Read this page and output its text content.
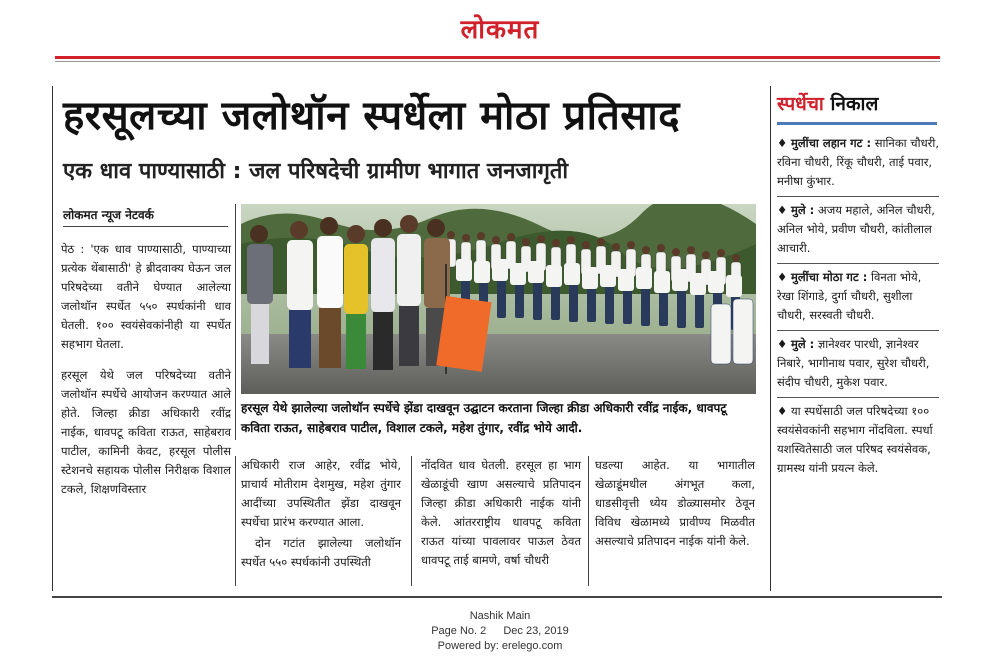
लोकमत
हरसूलच्या जलोथॉन स्पर्धेला मोठा प्रतिसाद
एक धाव पाण्यासाठी : जल परिषदेची ग्रामीण भागात जनजागृती
लोकमत न्यूज नेटवर्क

पेठ : 'एक धाव पाण्यासाठी, पाण्याच्या प्रत्येक थेंबासाठी' हे ब्रीदवाक्य घेऊन जल परिषदेच्या वतीने घेण्यात आलेल्या जलोथॉन स्पर्धेत ५५० स्पर्धकांनी धाव घेतली. १०० स्वयंसेवकांनीही या स्पर्धेत सहभाग घेतला.

हरसूल येथे जल परिषदेच्या वतीने जलोथॉन स्पर्धेचे आयोजन करण्यात आले होते. जिल्हा क्रीडा अधिकारी रवींद्र नाईक, धावपटू कविता राऊत, साहेबराव पाटील, कामिनी केवट, हरसूल पोलीस स्टेशनचे सहायक पोलीस निरीक्षक विशाल टकले, शिक्षणविस्तार

हरसूल येथे झालेल्या जलोथॉन स्पर्धेचे झेंडा दाखवून उद्घाटन करताना जिल्हा क्रीडा अधिकारी रवींद्र नाईक, धावपटू कविता राऊत, साहेबराव पाटील, विशाल टकले, महेश तुंगार, रवींद्र भोये आदी.

अधिकारी राज आहेर, रवींद्र भोये, प्राचार्य मोतीराम देशमुख, महेश तुंगार आदींच्या उपस्थितीत झेंडा दाखवून स्पर्धेचा प्रारंभ करण्यात आला.

दोन गटांत झालेल्या जलोथॉन स्पर्धेत ५५० स्पर्धकांनी उपस्थिती

नोंदवित धाव घेतली. हरसूल हा भाग खेळाडूंची खाण असल्याचे प्रतिपादन जिल्हा क्रीडा अधिकारी नाईक यांनी केले. आंतरराष्ट्रीय धावपटू कविता राऊत यांच्या पावलावर पाऊल ठेवत धावपटू ताई बामणे, वर्षा चौधरी

घडल्या आहेत. या भागातील खेळाडूंमधील अंगभूत कला, धाडसीवृत्ती ध्येय डोळ्यासमोर ठेवून विविध खेळामध्ये प्रावीण्य मिळवीत असल्याचे प्रतिपादन नाईक यांनी केले.

स्पर्धेचा निकाल
♦ मुलींचा लहान गट : सानिका चौधरी, रविना चौधरी, रिंकू चौधरी, ताई पवार, मनीषा कुंभार.
♦ मुले : अजय महाले, अनिल चौधरी, अनिल भोये, प्रवीण चौधरी, कांतीलाल आचारी.
♦ मुलींचा मोठा गट : विनता भोये, रेखा शिंगाडे, दुर्गा चौधरी, सुशीला चौधरी, सरस्वती चौधरी.
♦ मुले : ज्ञानेश्वर पारधी, ज्ञानेश्वर निबारे, भागीनाथ पवार, सुरेश चौधरी, संदीप चौधरी, मुकेश पवार.
♦ या स्पर्धेसाठी जल परिषदेच्या १०० स्वयंसेवकांनी सहभाग नोंदविला. स्पर्धा यशस्वितेसाठी जल परिषद स्वयंसेवक, ग्रामस्थ यांनी प्रयत्न केले.
Nashik Main
Page No. 2 Dec 23, 2019
Powered by: erelego.com
